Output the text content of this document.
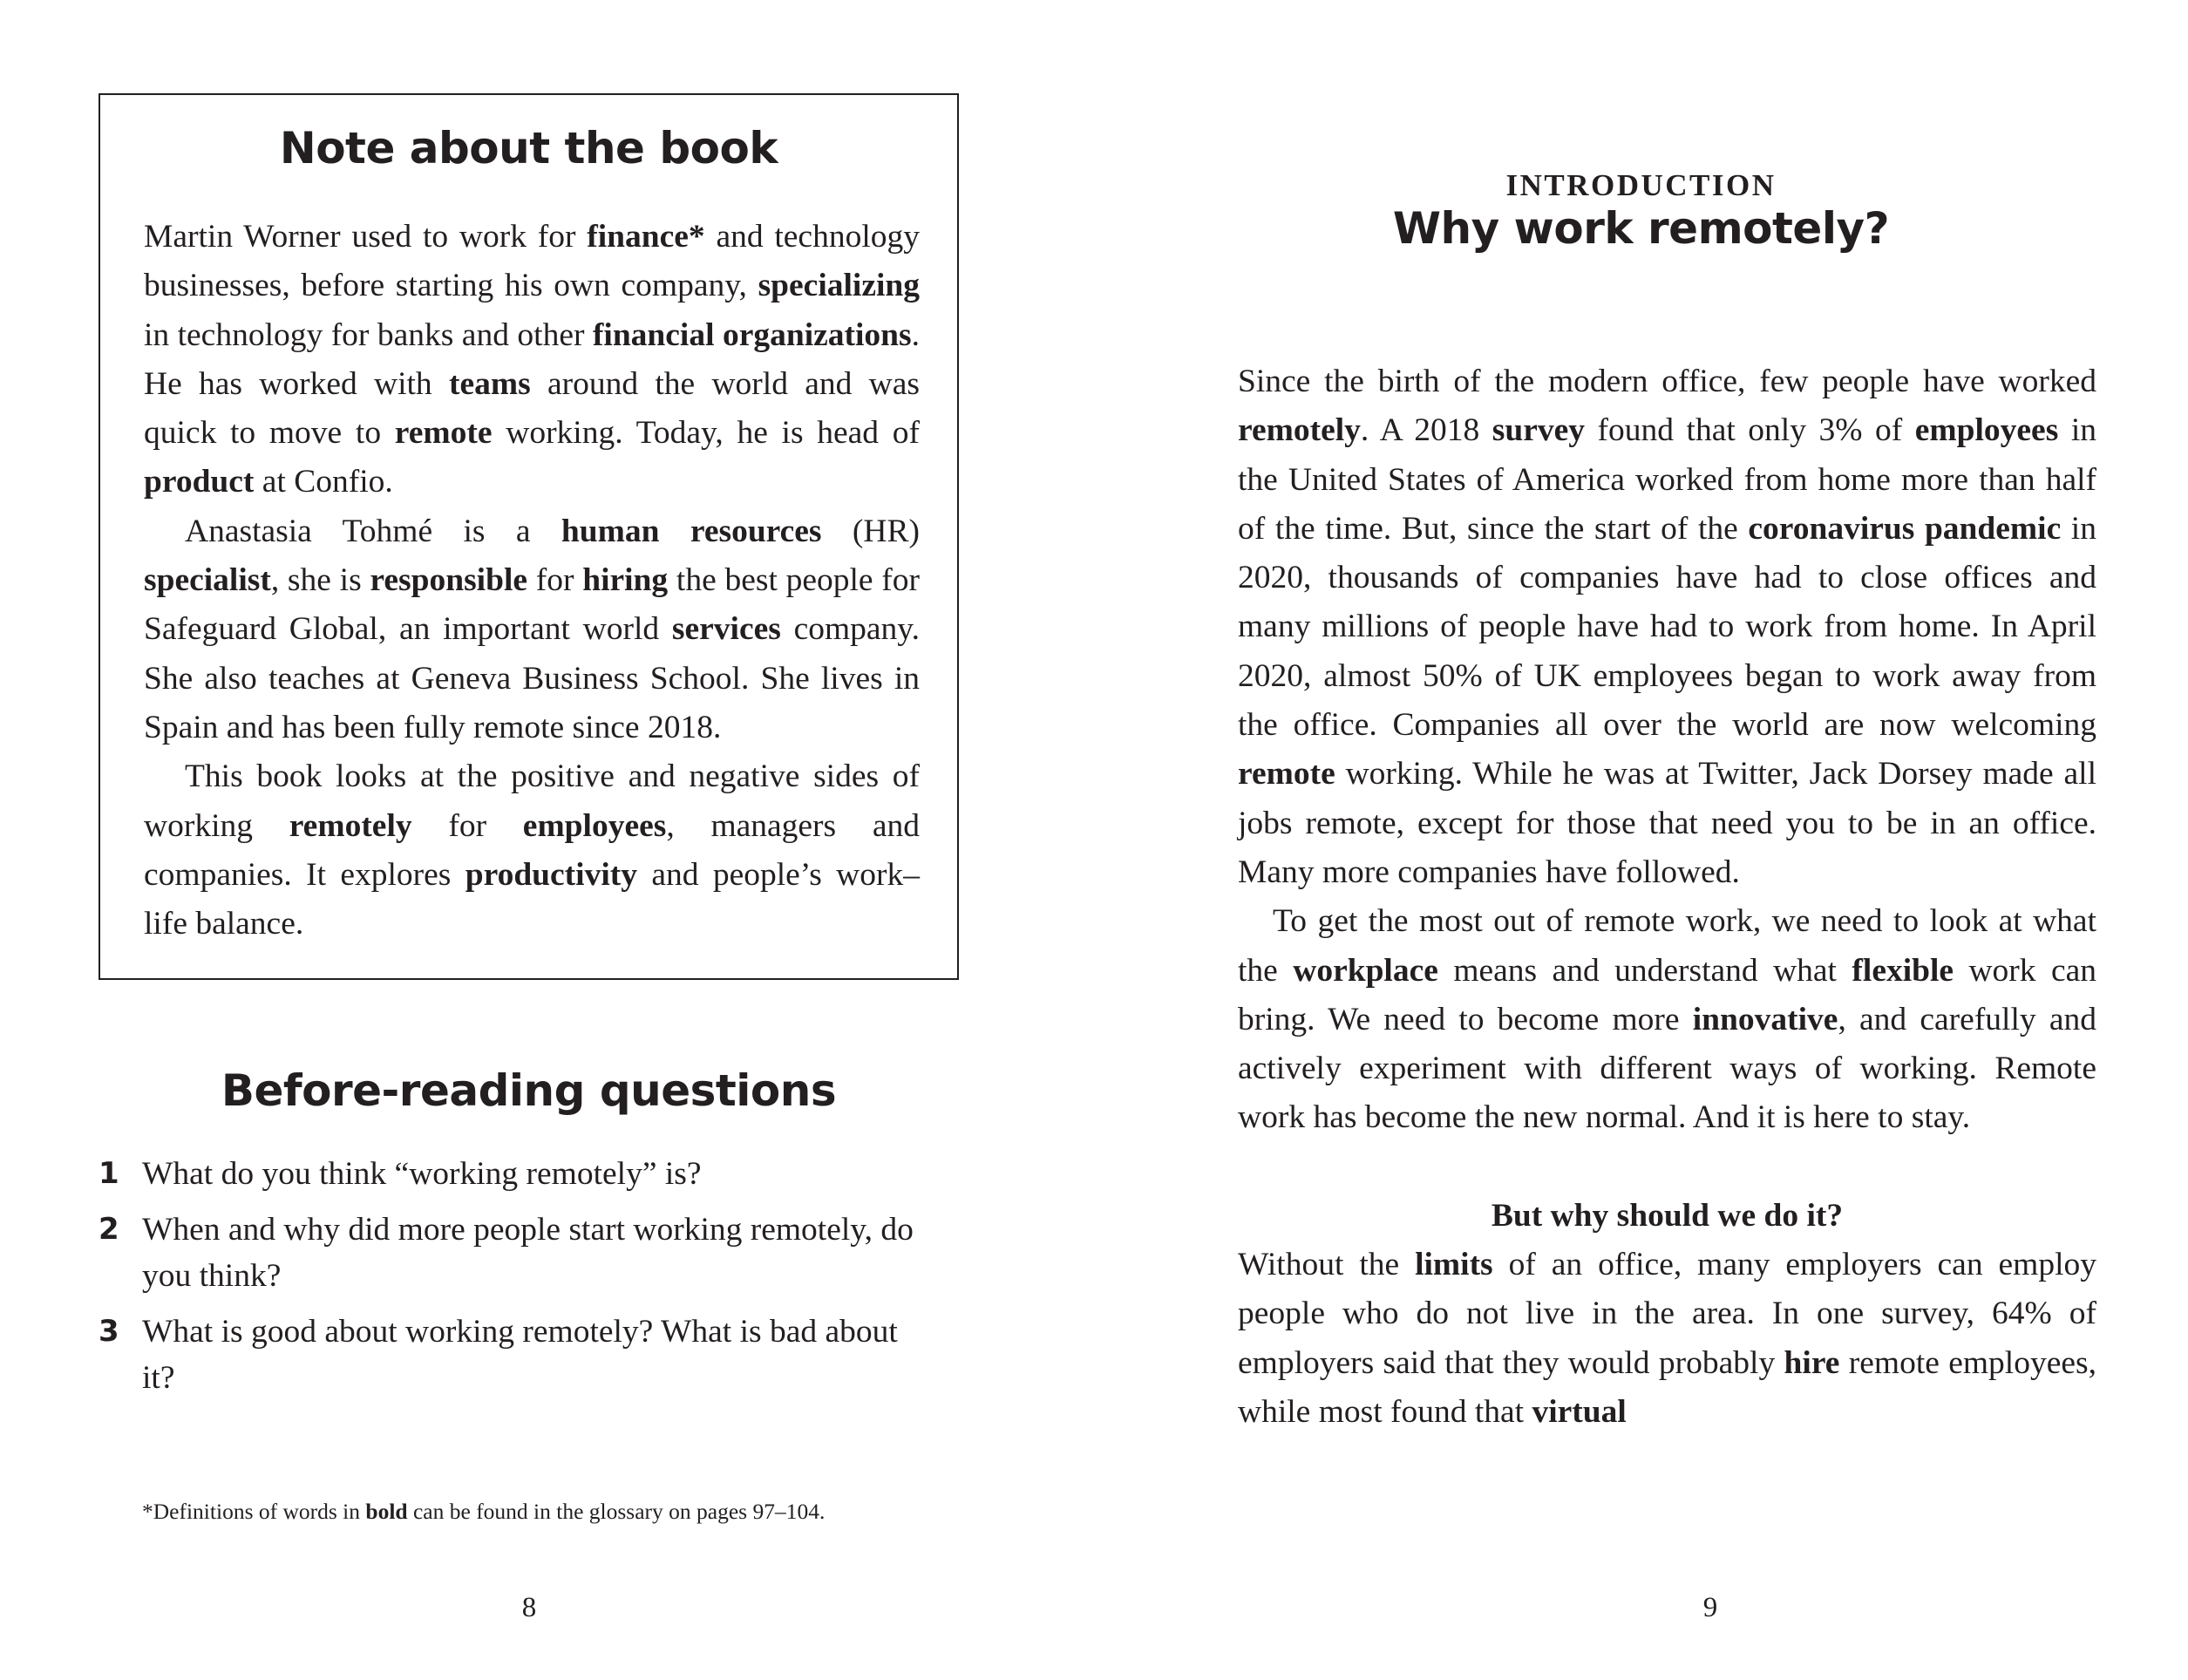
Note about the book

Martin Worner used to work for finance* and technology businesses, before starting his own company, specializing in technology for banks and other financial organizations. He has worked with teams around the world and was quick to move to remote working. Today, he is head of product at Confio.

Anastasia Tohmé is a human resources (HR) specialist, she is responsible for hiring the best people for Safeguard Global, an important world services company. She also teaches at Geneva Business School. She lives in Spain and has been fully remote since 2018.

This book looks at the positive and negative sides of working remotely for employees, managers and companies. It explores productivity and people’s work–life balance.

Before-reading questions
1 What do you think “working remotely” is?
2 When and why did more people start working remotely, do you think?
3 What is good about working remotely? What is bad about it?
*Definitions of words in bold can be found in the glossary on pages 97–104.
8
INTRODUCTION
Why work remotely?

Since the birth of the modern office, few people have worked remotely. A 2018 survey found that only 3% of employees in the United States of America worked from home more than half of the time. But, since the start of the coronavirus pandemic in 2020, thousands of companies have had to close offices and many millions of people have had to work from home. In April 2020, almost 50% of UK employees began to work away from the office. Companies all over the world are now welcoming remote working. While he was at Twitter, Jack Dorsey made all jobs remote, except for those that need you to be in an office. Many more companies have followed.

To get the most out of remote work, we need to look at what the workplace means and understand what flexible work can bring. We need to become more innovative, and carefully and actively experiment with different ways of working. Remote work has become the new normal. And it is here to stay.

But why should we do it?

Without the limits of an office, many employers can employ people who do not live in the area. In one survey, 64% of employers said that they would probably hire remote employees, while most found that virtual

9
